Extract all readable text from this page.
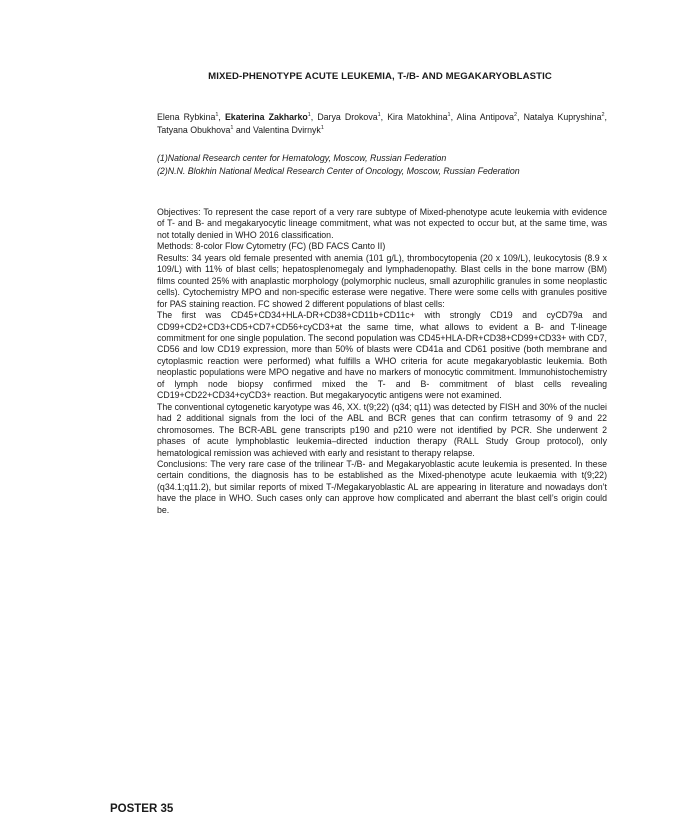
MIXED-PHENOTYPE ACUTE LEUKEMIA, T-/B- AND MEGAKARYOBLASTIC
Elena Rybkina$^1$, Ekaterina Zakharko$^1$, Darya Drokova$^1$, Kira Matokhina$^1$, Alina Antipova$^2$, Natalya Kupryshina$^2$, Tatyana Obukhova$^1$ and Valentina Dvirnyk$^1$
(1)National Research center for Hematology, Moscow, Russian Federation
(2)N.N. Blokhin National Medical Research Center of Oncology, Moscow, Russian Federation

Objectives: To represent the case report of a very rare subtype of Mixed-phenotype acute leukemia with evidence of T- and B- and megakaryocytic lineage commitment, what was not expected to occur but, at the same time, was not totally denied in WHO 2016 classification.

Methods: 8-color Flow Cytometry (FC) (BD FACS Canto II)

Results: 34 years old female presented with anemia (101 g/L), thrombocytopenia (20 x 109/L), leukocytosis (8.9 x 109/L) with 11% of blast cells; hepatosplenomegaly and lymphadenopathy. Blast cells in the bone marrow (BM) films counted 25% with anaplastic morphology (polymorphic nucleus, small azurophilic granules in some neoplastic cells). Cytochemistry MPO and non-specific esterase were negative. There were some cells with granules positive for PAS staining reaction. FC showed 2 different populations of blast cells:

The first was CD45+CD34+HLA-DR+CD38+CD11b+CD11c+ with strongly CD19 and cyCD79a and CD99+CD2+CD3+CD5+CD7+CD56+cyCD3+at the same time, what allows to evident a B- and T-lineage commitment for one single population. The second population was CD45+HLA-DR+CD38+CD99+CD33+ with CD7, CD56 and low CD19 expression, more than 50% of blasts were CD41a and CD61 positive (both membrane and cytoplasmic reaction were performed) what fulfills a WHO criteria for acute megakaryoblastic leukemia. Both neoplastic populations were MPO negative and have no markers of monocytic commitment. Immunohistochemistry of lymph node biopsy confirmed mixed the T- and B- commitment of blast cells revealing CD19+CD22+CD34+cyCD3+ reaction. But megakaryocytic antigens were not examined.

The conventional cytogenetic karyotype was 46, XX. t(9;22) (q34; q11) was detected by FISH and 30% of the nuclei had 2 additional signals from the loci of the ABL and BCR genes that can confirm tetrasomy of 9 and 22 chromosomes. The BCR-ABL gene transcripts p190 and p210 were not identified by PCR. She underwent 2 phases of acute lymphoblastic leukemia–directed induction therapy (RALL Study Group protocol), only hematological remission was achieved with early and resistant to therapy relapse.

Conclusions: The very rare case of the trilinear T-/B- and Megakaryoblastic acute leukemia is presented. In these certain conditions, the diagnosis has to be established as the Mixed-phenotype acute leukaemia with t(9;22) (q34.1;q11.2), but similar reports of mixed T-/Megakaryoblastic AL are appearing in literature and nowadays don’t have the place in WHO. Such cases only can approve how complicated and aberrant the blast cell’s origin could be.

POSTER 35
